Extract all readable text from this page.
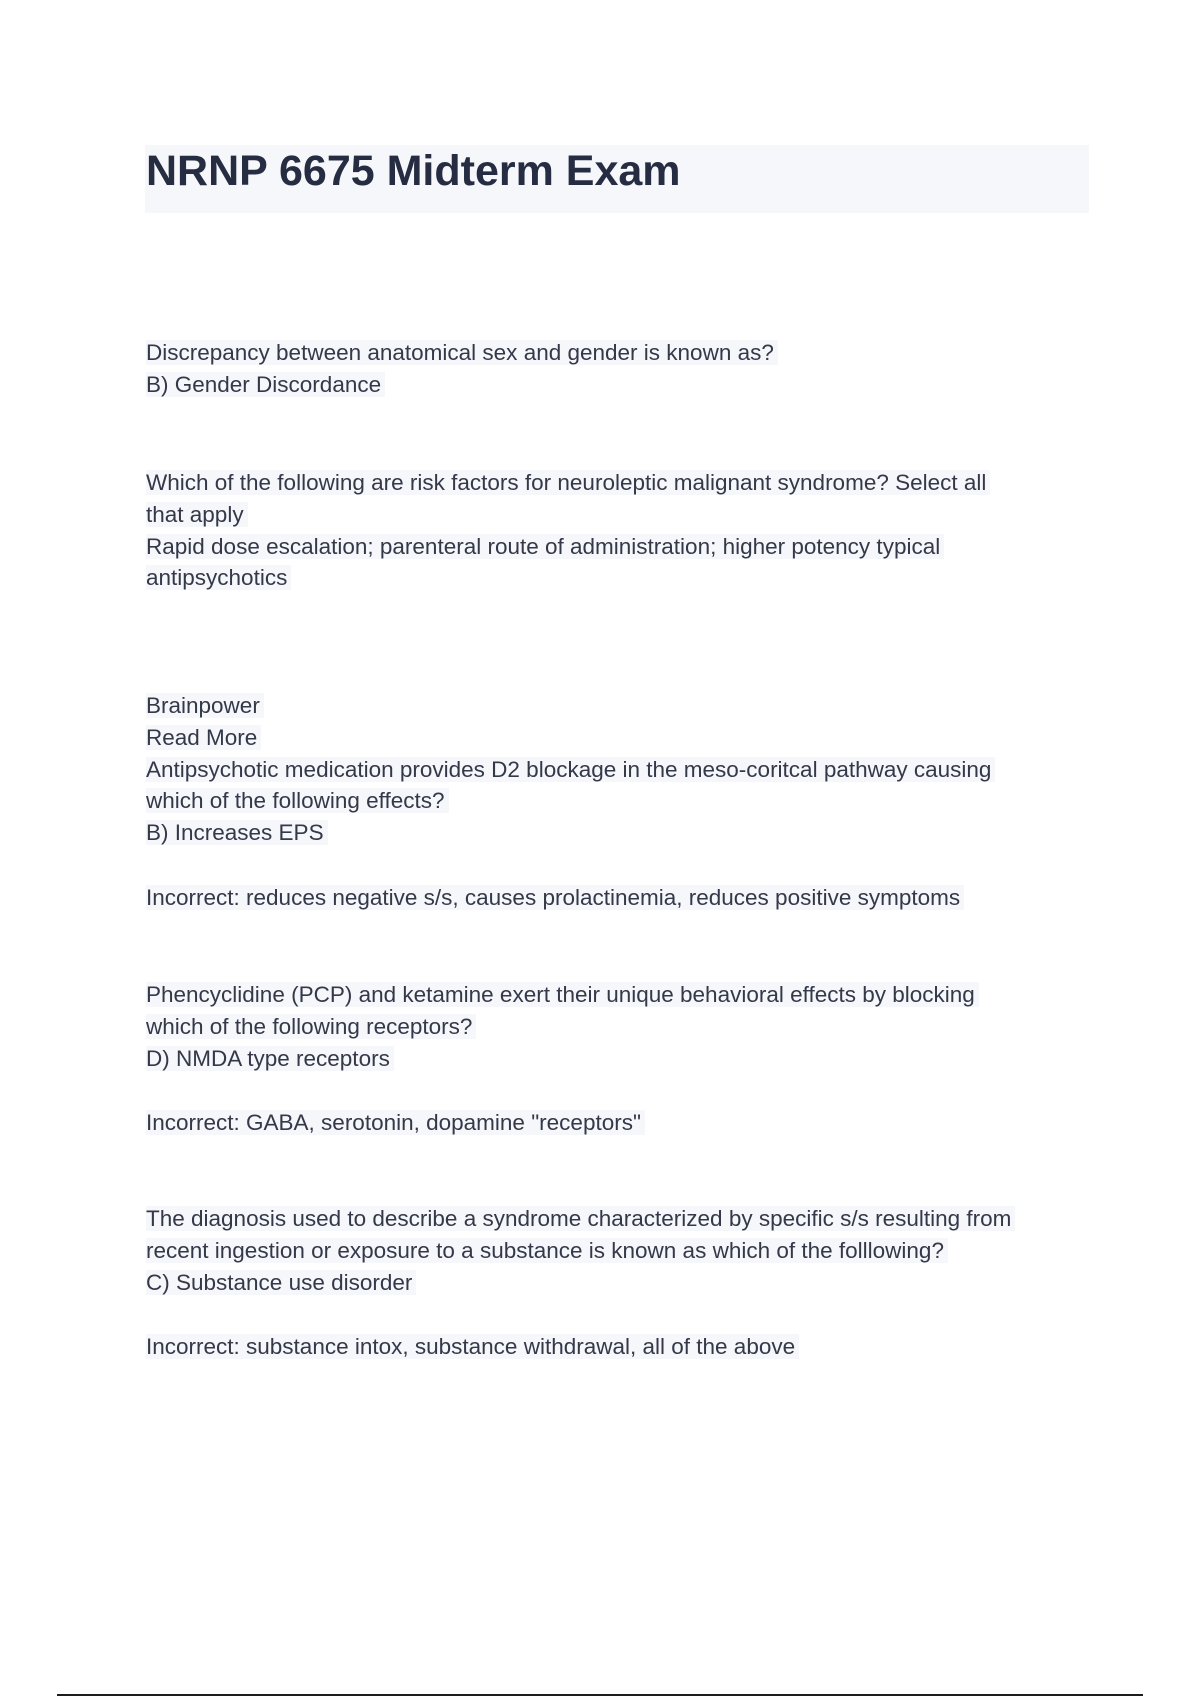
NRNP 6675 Midterm Exam

Discrepancy between anatomical sex and gender is known as?

B) Gender Discordance

Which of the following are risk factors for neuroleptic malignant syndrome? Select all

that apply

Rapid dose escalation; parenteral route of administration; higher potency typical

antipsychotics

Brainpower

Read More

Antipsychotic medication provides D2 blockage in the meso-coritcal pathway causing

which of the following effects?

B) Increases EPS

Incorrect: reduces negative s/s, causes prolactinemia, reduces positive symptoms

Phencyclidine (PCP) and ketamine exert their unique behavioral effects by blocking

which of the following receptors?

D) NMDA type receptors

Incorrect: GABA, serotonin, dopamine "receptors"

The diagnosis used to describe a syndrome characterized by specific s/s resulting from

recent ingestion or exposure to a substance is known as which of the folllowing?

C) Substance use disorder

Incorrect: substance intox, substance withdrawal, all of the above
